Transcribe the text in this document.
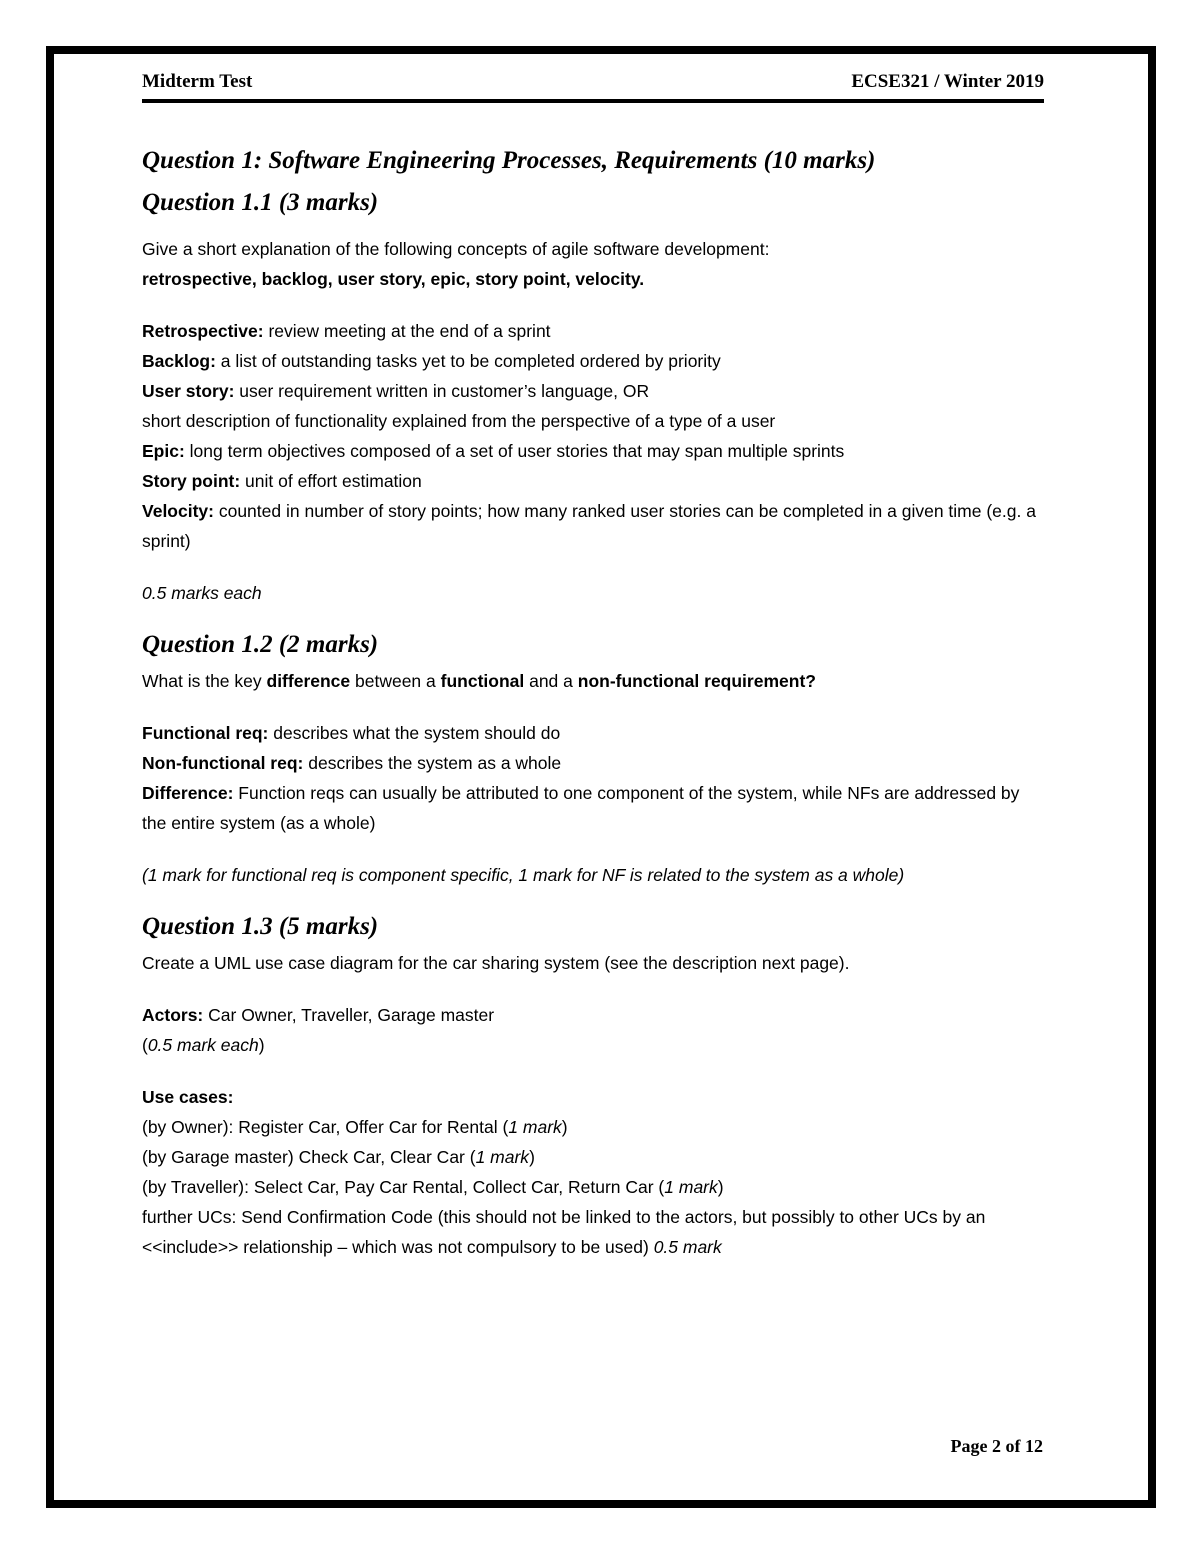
Midterm Test	ECSE321 / Winter 2019
Question 1: Software Engineering Processes, Requirements (10 marks)
Question 1.1 (3 marks)

Give a short explanation of the following concepts of agile software development:

retrospective, backlog, user story, epic, story point, velocity.

Retrospective: review meeting at the end of a sprint

Backlog: a list of outstanding tasks yet to be completed ordered by priority

User story: user requirement written in customer’s language, OR

short description of functionality explained from the perspective of a type of a user

Epic: long term objectives composed of a set of user stories that may span multiple sprints

Story point: unit of effort estimation

Velocity: counted in number of story points; how many ranked user stories can be completed in a given time (e.g. a sprint)

0.5 marks each

Question 1.2 (2 marks)

What is the key difference between a functional and a non-functional requirement?

Functional req: describes what the system should do

Non-functional req: describes the system as a whole

Difference: Function reqs can usually be attributed to one component of the system, while NFs are addressed by the entire system (as a whole)

(1 mark for functional req is component specific, 1 mark for NF is related to the system as a whole)

Question 1.3 (5 marks)

Create a UML use case diagram for the car sharing system (see the description next page).

Actors: Car Owner, Traveller, Garage master

(0.5 mark each)

Use cases:

(by Owner): Register Car, Offer Car for Rental (1 mark)

(by Garage master) Check Car, Clear Car (1 mark)

(by Traveller): Select Car, Pay Car Rental, Collect Car, Return Car (1 mark)

further UCs: Send Confirmation Code (this should not be linked to the actors, but possibly to other UCs by an <<include>> relationship – which was not compulsory to be used) 0.5 mark

Page 2 of 12
